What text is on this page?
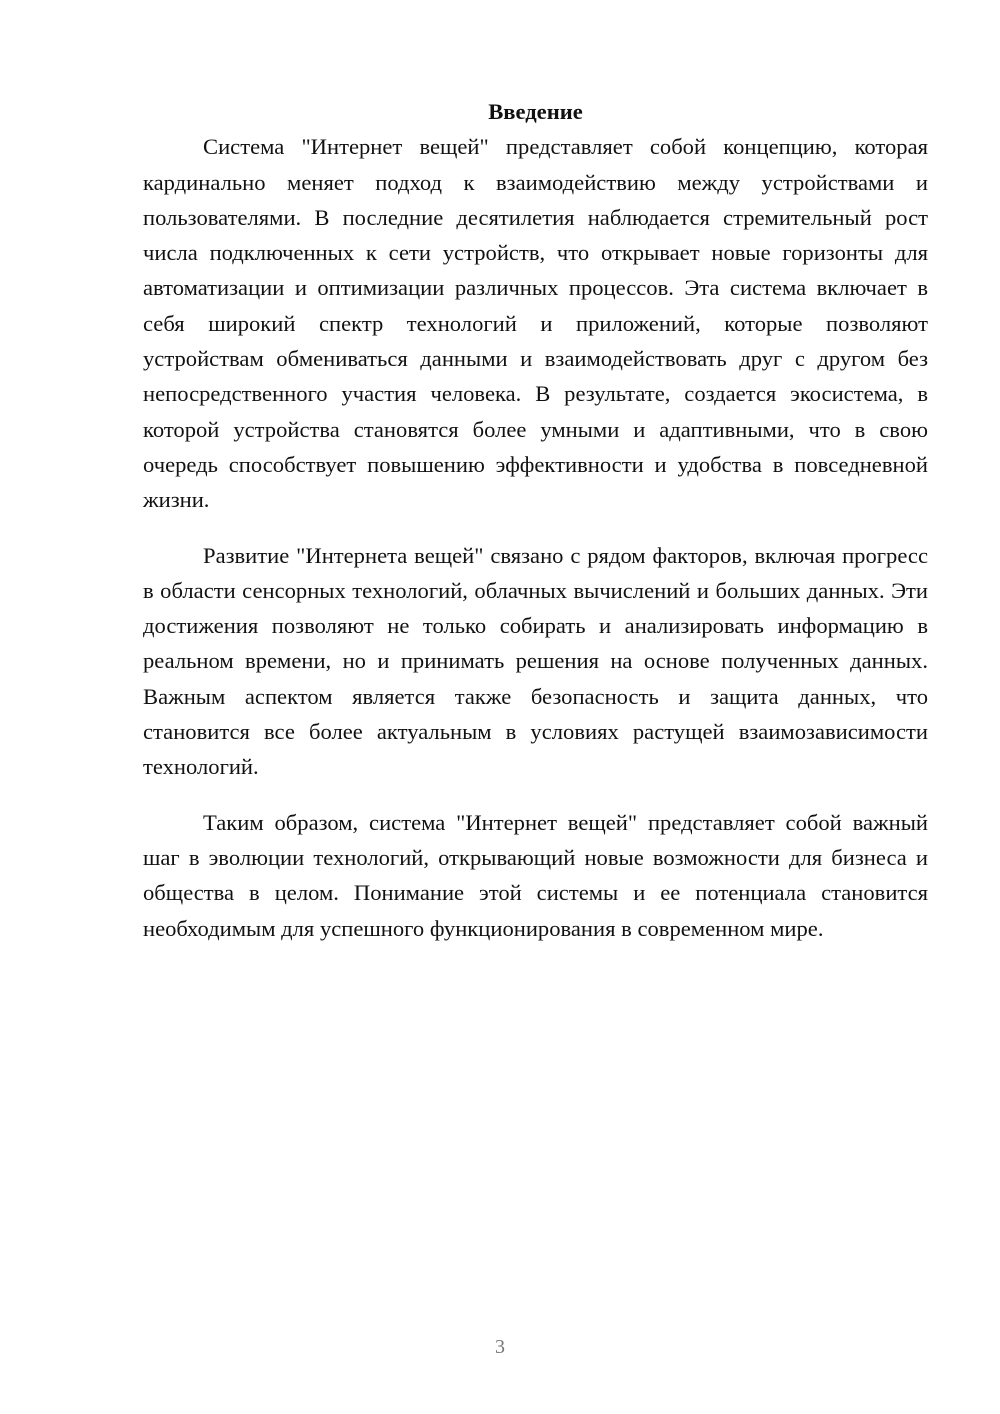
Введение

Система "Интернет вещей" представляет собой концепцию, которая кардинально меняет подход к взаимодействию между устройствами и пользователями. В последние десятилетия наблюдается стремительный рост числа подключенных к сети устройств, что открывает новые горизонты для автоматизации и оптимизации различных процессов. Эта система включает в себя широкий спектр технологий и приложений, которые позволяют устройствам обмениваться данными и взаимодействовать друг с другом без непосредственного участия человека. В результате, создается экосистема, в которой устройства становятся более умными и адаптивными, что в свою очередь способствует повышению эффективности и удобства в повседневной жизни.

Развитие "Интернета вещей" связано с рядом факторов, включая прогресс в области сенсорных технологий, облачных вычислений и больших данных. Эти достижения позволяют не только собирать и анализировать информацию в реальном времени, но и принимать решения на основе полученных данных. Важным аспектом является также безопасность и защита данных, что становится все более актуальным в условиях растущей взаимозависимости технологий.

Таким образом, система "Интернет вещей" представляет собой важный шаг в эволюции технологий, открывающий новые возможности для бизнеса и общества в целом. Понимание этой системы и ее потенциала становится необходимым для успешного функционирования в современном мире.

3
